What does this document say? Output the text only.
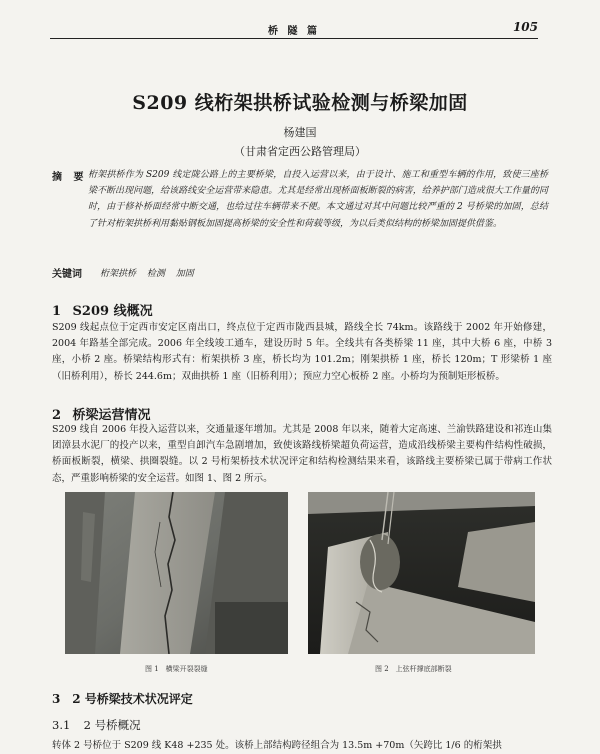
桥 隧 篇	105
S209 线桁架拱桥试验检测与桥梁加固
杨建国
（甘肃省定西公路管理局）
摘 要 桁架拱桥作为 S209 线定陇公路上的主要桥梁，自投入运营以来，由于设计、施工和重型车辆的作用，致使三座桥梁不断出现问题，给该路线安全运营带来隐患。尤其是经常出现桥面板断裂的病害，给养护部门造成很大工作量的同时，由于修补桥面经常中断交通，也给过往车辆带来不便。本文通过对其中问题比较严重的 2 号桥梁的加固，总结了针对桁架拱桥利用黏贴钢板加固提高桥梁的安全性和荷载等级，为以后类似结构的桥梁加固提供借鉴。
关键词 桁架拱桥 检测 加固
1 S209 线概况
S209 线起点位于定西市安定区南出口，终点位于定西市陇西县城，路线全长 74km。该路线于 2002 年开始修建，2004 年路基全部完成。2006 年全线竣工通车，建设历时 5 年。全线共有各类桥梁 11 座，其中大桥 6 座，中桥 3 座，小桥 2 座。桥梁结构形式有：桁架拱桥 3 座，桥长均为 101.2m；刚架拱桥 1 座，桥长 120m；T 形梁桥 1 座（旧桥利用），桥长 244.6m；双曲拱桥 1 座（旧桥利用）；预应力空心板桥 2 座。小桥均为预制矩形板桥。
2 桥梁运营情况
S209 线自 2006 年投入运营以来，交通量逐年增加。尤其是 2008 年以来，随着大定高速、兰渝铁路建设和祁连山集团漳县水泥厂的投产以来，重型自卸汽车急剧增加，致使该路线桥梁超负荷运营，造成沿线桥梁主要构件结构性破损，桥面板断裂，横梁、拱圈裂缝。以 2 号桁架桥技术状况评定和结构检测结果来看，该路线主要桥梁已属于带病工作状态，严重影响桥梁的安全运营。如图 1、图 2 所示。
图 1　横梁开裂裂缝	图 2　上弦杆撑底部断裂
3 2 号桥梁技术状况评定
3.1 2 号桥概况
转体 2 号桥位于 S209 线 K48 +235 处。该桥上部结构跨径组合为 13.5m +70m（矢跨比 1/6 的桁架拱
